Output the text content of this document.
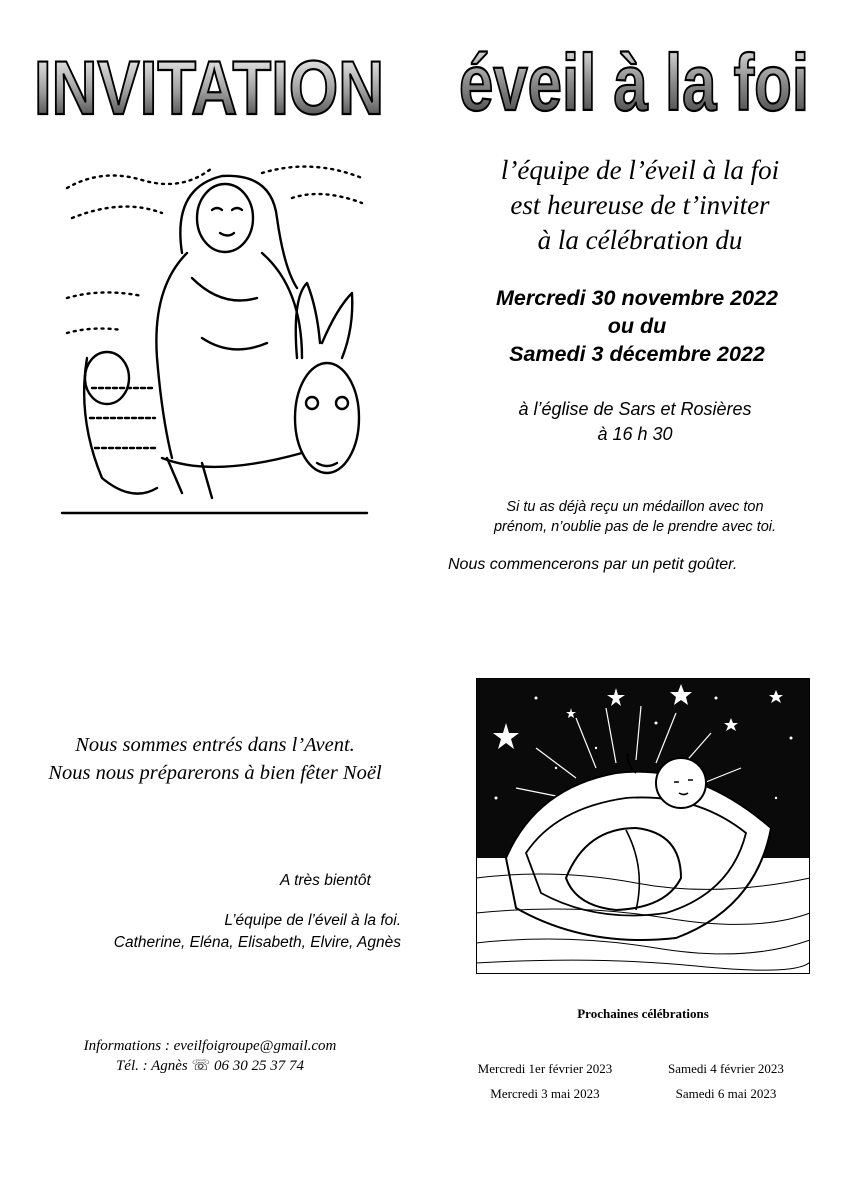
INVITATION éveil à la foi
l’équipe de l’éveil à la foi
est heureuse de t’inviter
à la célébration du
Mercredi 30 novembre 2022
ou du
Samedi 3 décembre 2022
à l’église de Sars et Rosières
à 16 h 30
Si tu as déjà reçu un médaillon avec ton
prénom, n’oublie pas de le prendre avec toi.
Nous commencerons par un petit goûter.
Nous sommes entrés dans l’Avent.
Nous nous préparerons à bien fêter Noël
A très bientôt
L’équipe de l’éveil à la foi.
Catherine, Eléna, Elisabeth, Elvire, Agnès
Informations : eveilfoigroupe@gmail.com
Tél. : Agnès ☏ 06 30 25 37 74
Prochaines célébrations
Mercredi 1er février 2023	Samedi 4 février 2023
Mercredi 3 mai 2023	Samedi 6 mai 2023
